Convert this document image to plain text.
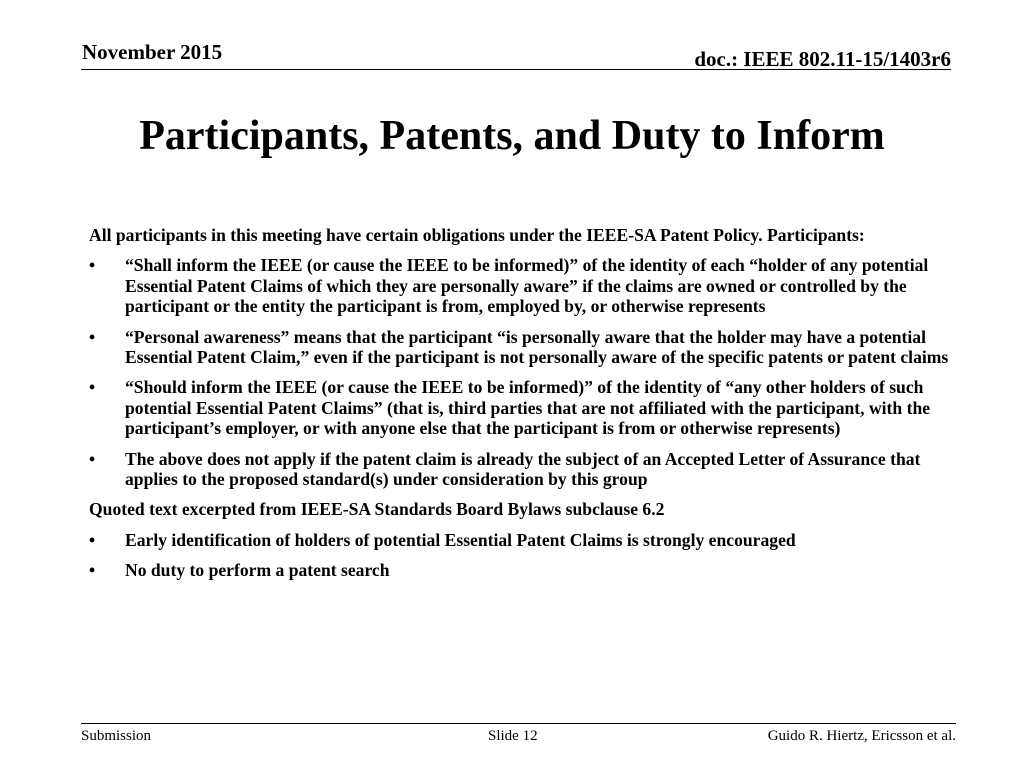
November 2015	doc.: IEEE 802.11-15/1403r6
Participants, Patents, and Duty to Inform

All participants in this meeting have certain obligations under the IEEE-SA Patent Policy. Participants:

•	“Shall inform the IEEE (or cause the IEEE to be informed)” of the identity of each “holder of any potential Essential Patent Claims of which they are personally aware” if the claims are owned or controlled by the participant or the entity the participant is from, employed by, or otherwise represents
•	“Personal awareness” means that the participant “is personally aware that the holder may have a potential Essential Patent Claim,” even if the participant is not personally aware of the specific patents or patent claims
•	“Should inform the IEEE (or cause the IEEE to be informed)” of the identity of “any other holders of such potential Essential Patent Claims” (that is, third parties that are not affiliated with the participant, with the participant’s employer, or with anyone else that the participant is from or otherwise represents)
•	The above does not apply if the patent claim is already the subject of an Accepted Letter of Assurance that applies to the proposed standard(s) under consideration by this group

Quoted text excerpted from IEEE-SA Standards Board Bylaws subclause 6.2

•	Early identification of holders of potential Essential Patent Claims is strongly encouraged
•	No duty to perform a patent search
Submission	Slide 12	Guido R. Hiertz, Ericsson et al.
